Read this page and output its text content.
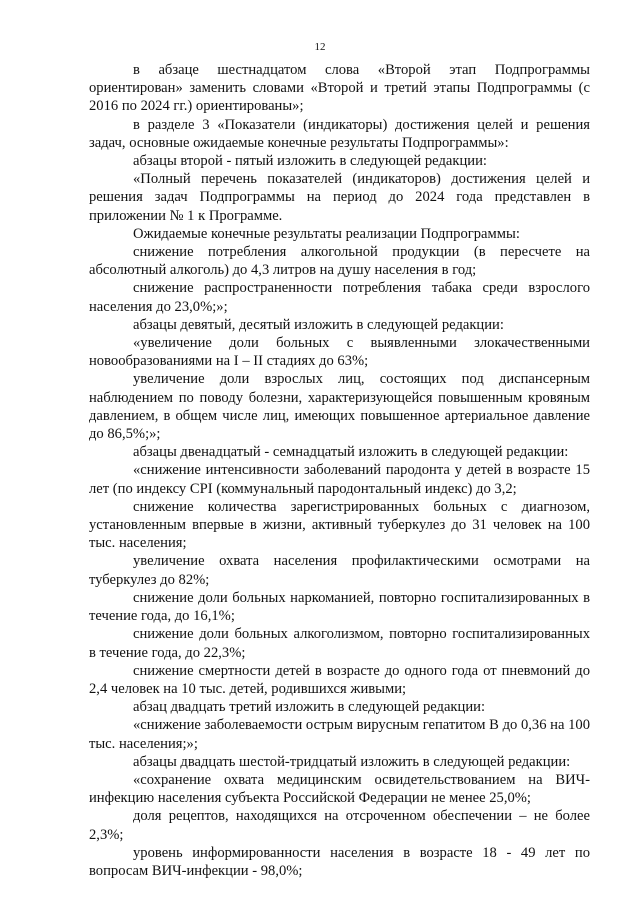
12

в абзаце шестнадцатом слова «Второй этап Подпрограммы ориентирован» заменить словами «Второй и третий этапы Подпрограммы (с 2016 по 2024 гг.) ориентированы»;

в разделе 3 «Показатели (индикаторы) достижения целей и решения задач, основные ожидаемые конечные результаты Подпрограммы»:

абзацы второй - пятый изложить в следующей редакции:

«Полный перечень показателей (индикаторов) достижения целей и решения задач Подпрограммы на период до 2024 года представлен в приложении № 1 к Программе.

Ожидаемые конечные результаты реализации Подпрограммы:

снижение потребления алкогольной продукции (в пересчете на абсолютный алкоголь) до 4,3 литров на душу населения в год;

снижение распространенности потребления табака среди взрослого населения до 23,0%;»;

абзацы девятый, десятый изложить в следующей редакции:

«увеличение доли больных с выявленными злокачественными новообразованиями на I – II стадиях до 63%;

увеличение доли взрослых лиц, состоящих под диспансерным наблюдением по поводу болезни, характеризующейся повышенным кровяным давлением, в общем числе лиц, имеющих повышенное артериальное давление до 86,5%;»;

абзацы двенадцатый - семнадцатый изложить в следующей редакции:

«снижение интенсивности заболеваний пародонта у детей в возрасте 15 лет (по индексу CPI (коммунальный пародонтальный индекс) до 3,2;

снижение количества зарегистрированных больных с диагнозом, установленным впервые в жизни, активный туберкулез до 31 человек на 100 тыс. населения;

увеличение охвата населения профилактическими осмотрами на туберкулез до 82%;

снижение доли больных наркоманией, повторно госпитализированных в течение года, до 16,1%;

снижение доли больных алкоголизмом, повторно госпитализированных в течение года, до 22,3%;

снижение смертности детей в возрасте до одного года от пневмоний до 2,4 человек на 10 тыс. детей, родившихся живыми;

абзац двадцать третий изложить в следующей редакции:

«снижение заболеваемости острым вирусным гепатитом В до 0,36 на 100 тыс. населения;»;

абзацы двадцать шестой-тридцатый изложить в следующей редакции:

«сохранение охвата медицинским освидетельствованием на ВИЧ-инфекцию населения субъекта Российской Федерации не менее 25,0%;

доля рецептов, находящихся на отсроченном обеспечении – не более 2,3%;

уровень информированности населения в возрасте 18 - 49 лет по вопросам ВИЧ-инфекции - 98,0%;
